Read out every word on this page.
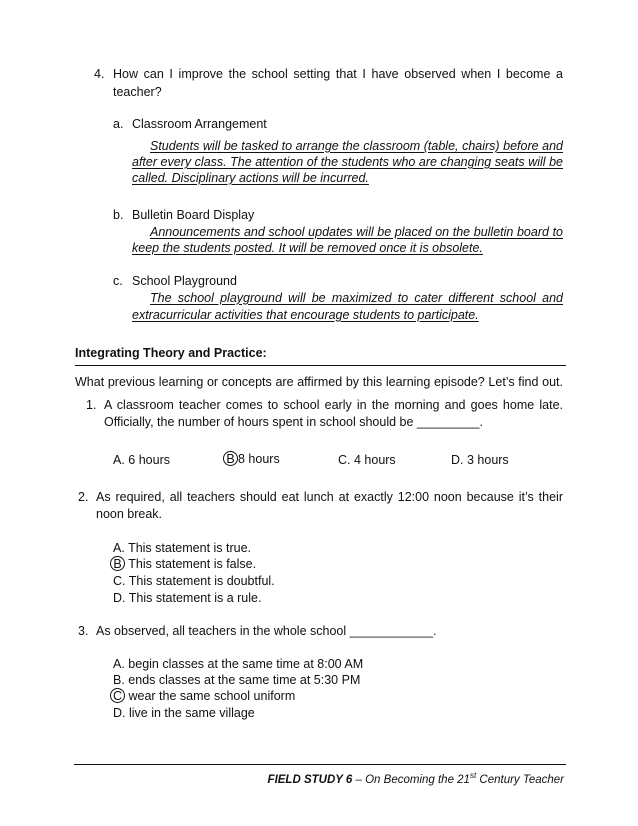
4. How can I improve the school setting that I have observed when I become a
teacher?
a. Classroom Arrangement
Students will be tasked to arrange the classroom (table, chairs) before and
after every class. The attention of the students who are changing seats will be
called. Disciplinary actions will be incurred.
b. Bulletin Board Display
Announcements and school updates will be placed on the bulletin board to
keep the students posted. It will be removed once it is obsolete.
c. School Playground
The school playground will be maximized to cater different school and
extracurricular activities that encourage students to participate.
Integrating Theory and Practice:
What previous learning or concepts are affirmed by this learning episode? Let’s find out.
1. A classroom teacher comes to school early in the morning and goes home late.
Officially, the number of hours spent in school should be _________.
A. 6 hours	B 8 hours	C. 4 hours	D. 3 hours
2. As required, all teachers should eat lunch at exactly 12:00 noon because it’s their
noon break.
A. This statement is true.
B This statement is false.
C. This statement is doubtful.
D. This statement is a rule.
3. As observed, all teachers in the whole school ____________.
A. begin classes at the same time at 8:00 AM
B. ends classes at the same time at 5:30 PM
C wear the same school uniform
D. live in the same village
FIELD STUDY 6 – On Becoming the 21st Century Teacher
